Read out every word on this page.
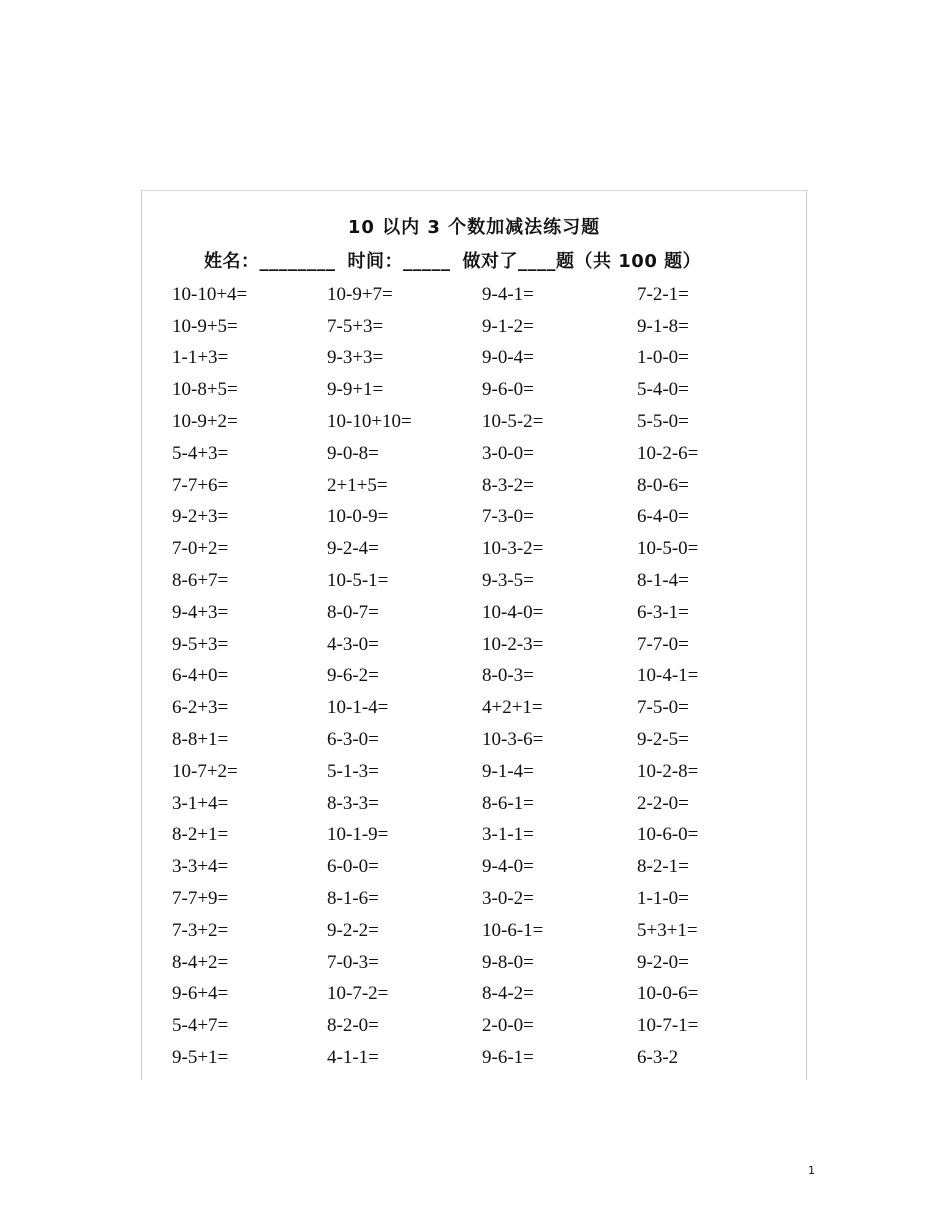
10 以内 3 个数加减法练习题
姓名：________ 时间：_____ 做对了____题（共 100 题）
10-10+4=	10-9+7=	9-4-1=	7-2-1=
10-9+5=	7-5+3=	9-1-2=	9-1-8=
1-1+3=	9-3+3=	9-0-4=	1-0-0=
10-8+5=	9-9+1=	9-6-0=	5-4-0=
10-9+2=	10-10+10=	10-5-2=	5-5-0=
5-4+3=	9-0-8=	3-0-0=	10-2-6=
7-7+6=	2+1+5=	8-3-2=	8-0-6=
9-2+3=	10-0-9=	7-3-0=	6-4-0=
7-0+2=	9-2-4=	10-3-2=	10-5-0=
8-6+7=	10-5-1=	9-3-5=	8-1-4=
9-4+3=	8-0-7=	10-4-0=	6-3-1=
9-5+3=	4-3-0=	10-2-3=	7-7-0=
6-4+0=	9-6-2=	8-0-3=	10-4-1=
6-2+3=	10-1-4=	4+2+1=	7-5-0=
8-8+1=	6-3-0=	10-3-6=	9-2-5=
10-7+2=	5-1-3=	9-1-4=	10-2-8=
3-1+4=	8-3-3=	8-6-1=	2-2-0=
8-2+1=	10-1-9=	3-1-1=	10-6-0=
3-3+4=	6-0-0=	9-4-0=	8-2-1=
7-7+9=	8-1-6=	3-0-2=	1-1-0=
7-3+2=	9-2-2=	10-6-1=	5+3+1=
8-4+2=	7-0-3=	9-8-0=	9-2-0=
9-6+4=	10-7-2=	8-4-2=	10-0-6=
5-4+7=	8-2-0=	2-0-0=	10-7-1=
9-5+1=	4-1-1=	9-6-1=	6-3-2
1
